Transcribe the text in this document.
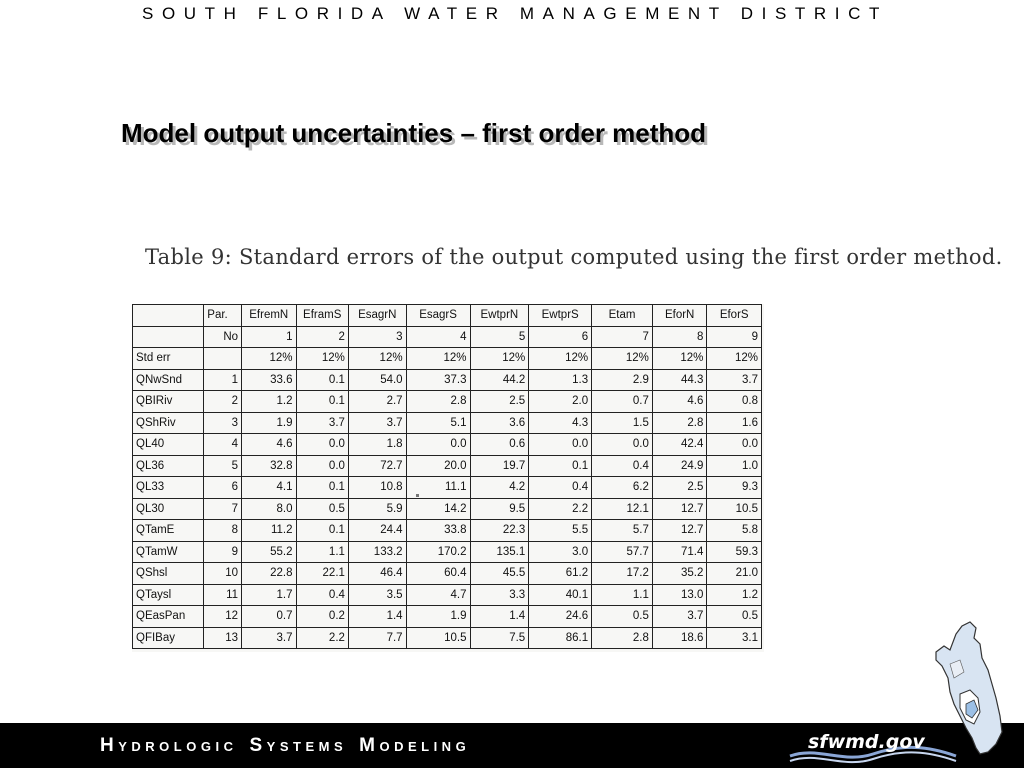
SOUTH FLORIDA WATER MANAGEMENT DISTRICT
Model output uncertainties – first order method
Table 9: Standard errors of the output computed using the first order method.
	Par.	EfremN	EframS	EsagrN	EsagrS	EwtprN	EwtprS	Etam	EforN	EforS
	No	1	2	3	4	5	6	7	8	9
Std err		12%	12%	12%	12%	12%	12%	12%	12%	12%
QNwSnd	1	33.6	0.1	54.0	37.3	44.2	1.3	2.9	44.3	3.7
QBIRiv	2	1.2	0.1	2.7	2.8	2.5	2.0	0.7	4.6	0.8
QShRiv	3	1.9	3.7	3.7	5.1	3.6	4.3	1.5	2.8	1.6
QL40	4	4.6	0.0	1.8	0.0	0.6	0.0	0.0	42.4	0.0
QL36	5	32.8	0.0	72.7	20.0	19.7	0.1	0.4	24.9	1.0
QL33	6	4.1	0.1	10.8	11.1	4.2	0.4	6.2	2.5	9.3
QL30	7	8.0	0.5	5.9	14.2	9.5	2.2	12.1	12.7	10.5
QTamE	8	11.2	0.1	24.4	33.8	22.3	5.5	5.7	12.7	5.8
QTamW	9	55.2	1.1	133.2	170.2	135.1	3.0	57.7	71.4	59.3
QShsl	10	22.8	22.1	46.4	60.4	45.5	61.2	17.2	35.2	21.0
QTaysl	11	1.7	0.4	3.5	4.7	3.3	40.1	1.1	13.0	1.2
QEasPan	12	0.7	0.2	1.4	1.9	1.4	24.6	0.5	3.7	0.5
QFIBay	13	3.7	2.2	7.7	10.5	7.5	86.1	2.8	18.6	3.1
HYDROLOGIC SYSTEMS MODELING	sfwmd.gov
